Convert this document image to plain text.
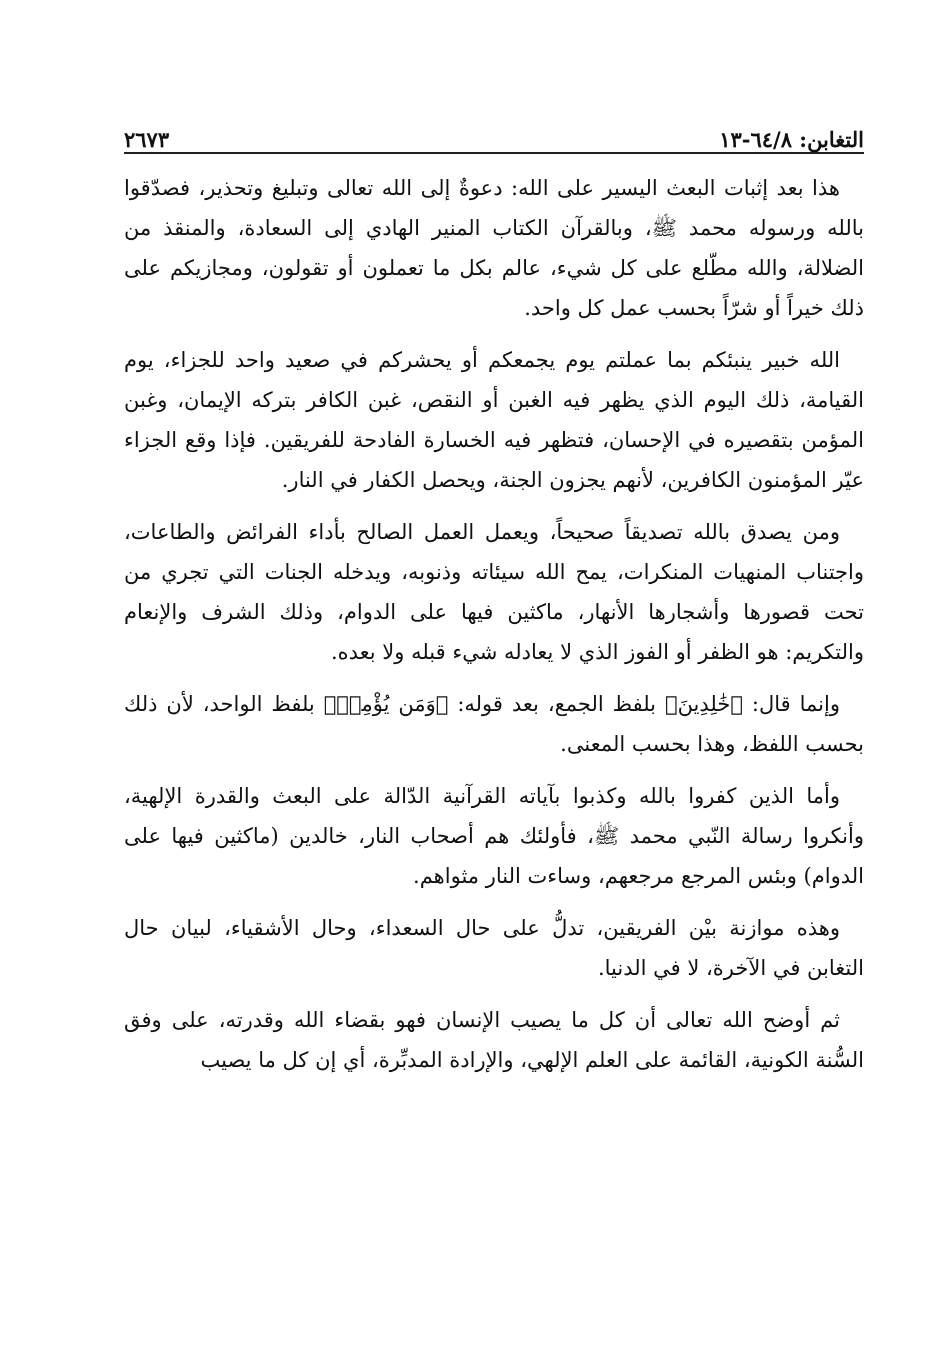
التغابن: ٦٤/٨-١٣
٢٦٧٣

هذا بعد إثبات البعث اليسير على الله: دعوةٌ إلى الله تعالى وتبليغ وتحذير، فصدّقوا بالله ورسوله محمد ﷺ، وبالقرآن الكتاب المنير الهادي إلى السعادة، والمنقذ من الضلالة، والله مطّلع على كل شيء، عالم بكل ما تعملون أو تقولون، ومجازيكم على ذلك خيراً أو شرّاً بحسب عمل كل واحد.

الله خبير ينبئكم بما عملتم يوم يجمعكم أو يحشركم في صعيد واحد للجزاء، يوم القيامة، ذلك اليوم الذي يظهر فيه الغبن أو النقص، غبن الكافر بتركه الإيمان، وغبن المؤمن بتقصيره في الإحسان، فتظهر فيه الخسارة الفادحة للفريقين. فإذا وقع الجزاء عيّر المؤمنون الكافرين، لأنهم يجزون الجنة، ويحصل الكفار في النار.

ومن يصدق بالله تصديقاً صحيحاً، ويعمل العمل الصالح بأداء الفرائض والطاعات، واجتناب المنهيات المنكرات، يمح الله سيئاته وذنوبه، ويدخله الجنات التي تجري من تحت قصورها وأشجارها الأنهار، ماكثين فيها على الدوام، وذلك الشرف والإنعام والتكريم: هو الظفر أو الفوز الذي لا يعادله شيء قبله ولا بعده.

وإنما قال: ﴿خَٰلِدِينَ﴾ بلفظ الجمع، بعد قوله: ﴿وَمَن يُؤْمِنۢ﴾ بلفظ الواحد، لأن ذلك بحسب اللفظ، وهذا بحسب المعنى.

وأما الذين كفروا بالله وكذبوا بآياته القرآنية الدّالة على البعث والقدرة الإلهية، وأنكروا رسالة النّبي محمد ﷺ، فأولئك هم أصحاب النار، خالدين (ماكثين فيها على الدوام) وبئس المرجع مرجعهم، وساءت النار مثواهم.

وهذه موازنة بيْن الفريقين، تدلُّ على حال السعداء، وحال الأشقياء، لبيان حال التغابن في الآخرة، لا في الدنيا.

ثم أوضح الله تعالى أن كل ما يصيب الإنسان فهو بقضاء الله وقدرته، على وفق السُّنة الكونية، القائمة على العلم الإلهي، والإرادة المدبِّرة، أي إن كل ما يصيب
